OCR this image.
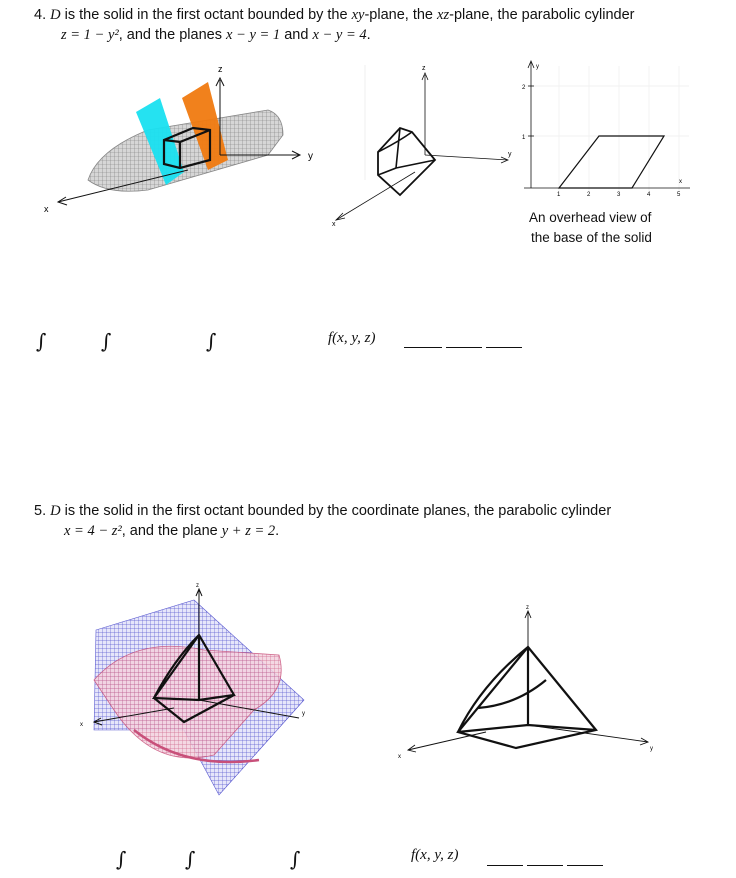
4. D is the solid in the first octant bounded by the xy-plane, the xz-plane, the parabolic cylinder
z = 1 − y², and the planes x − y = 1 and x − y = 4.
z
y
x
z
y
x
y
2
1
x
1	2	3	4	5
An overhead view of
the base of the solid
∫	∫	∫	f(x, y, z)
5. D is the solid in the first octant bounded by the coordinate planes, the parabolic cylinder
x = 4 − z², and the plane y + z = 2.
z
y
x
z
y
x
∫	∫	∫	f(x, y, z)
